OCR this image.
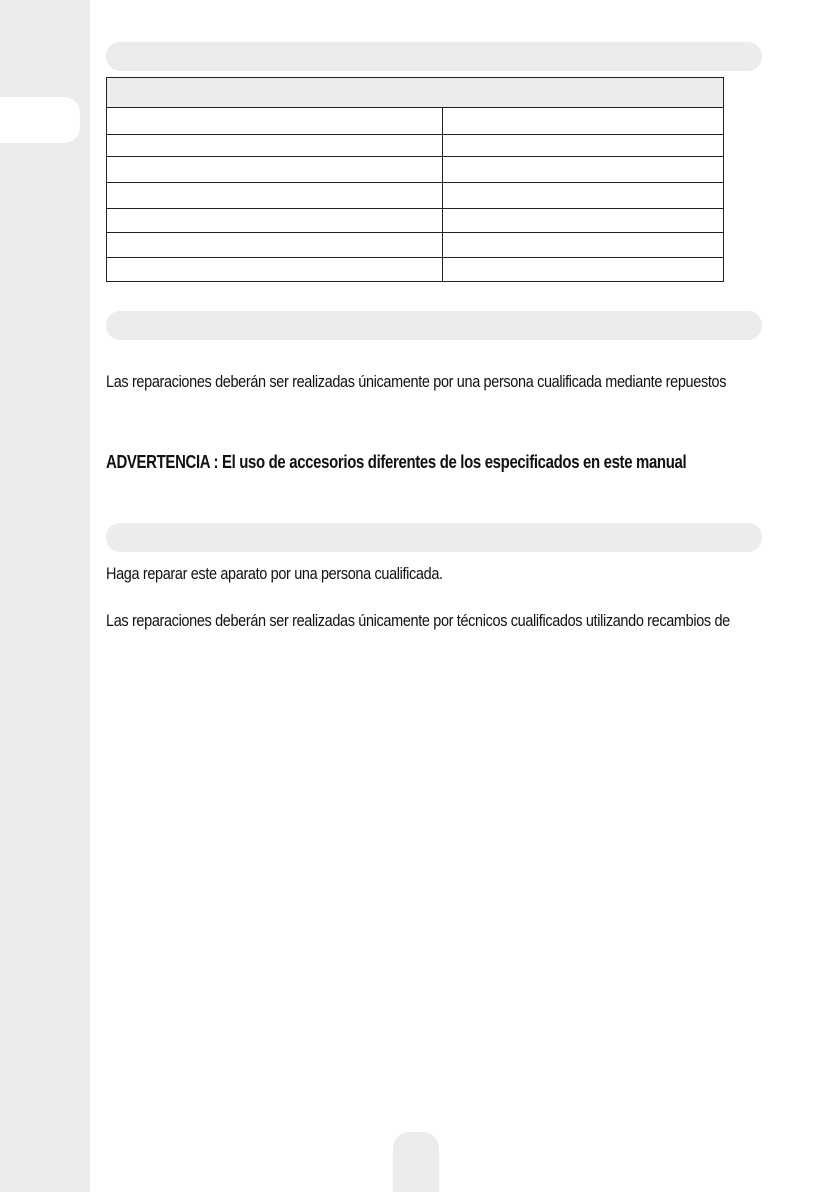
Las reparaciones deberán ser realizadas únicamente por una persona cualificada mediante repuestos

ADVERTENCIA : El uso de accesorios diferentes de los especificados en este manual

Haga reparar este aparato por una persona cualificada.

Las reparaciones deberán ser realizadas únicamente por técnicos cualificados utilizando recambios de
